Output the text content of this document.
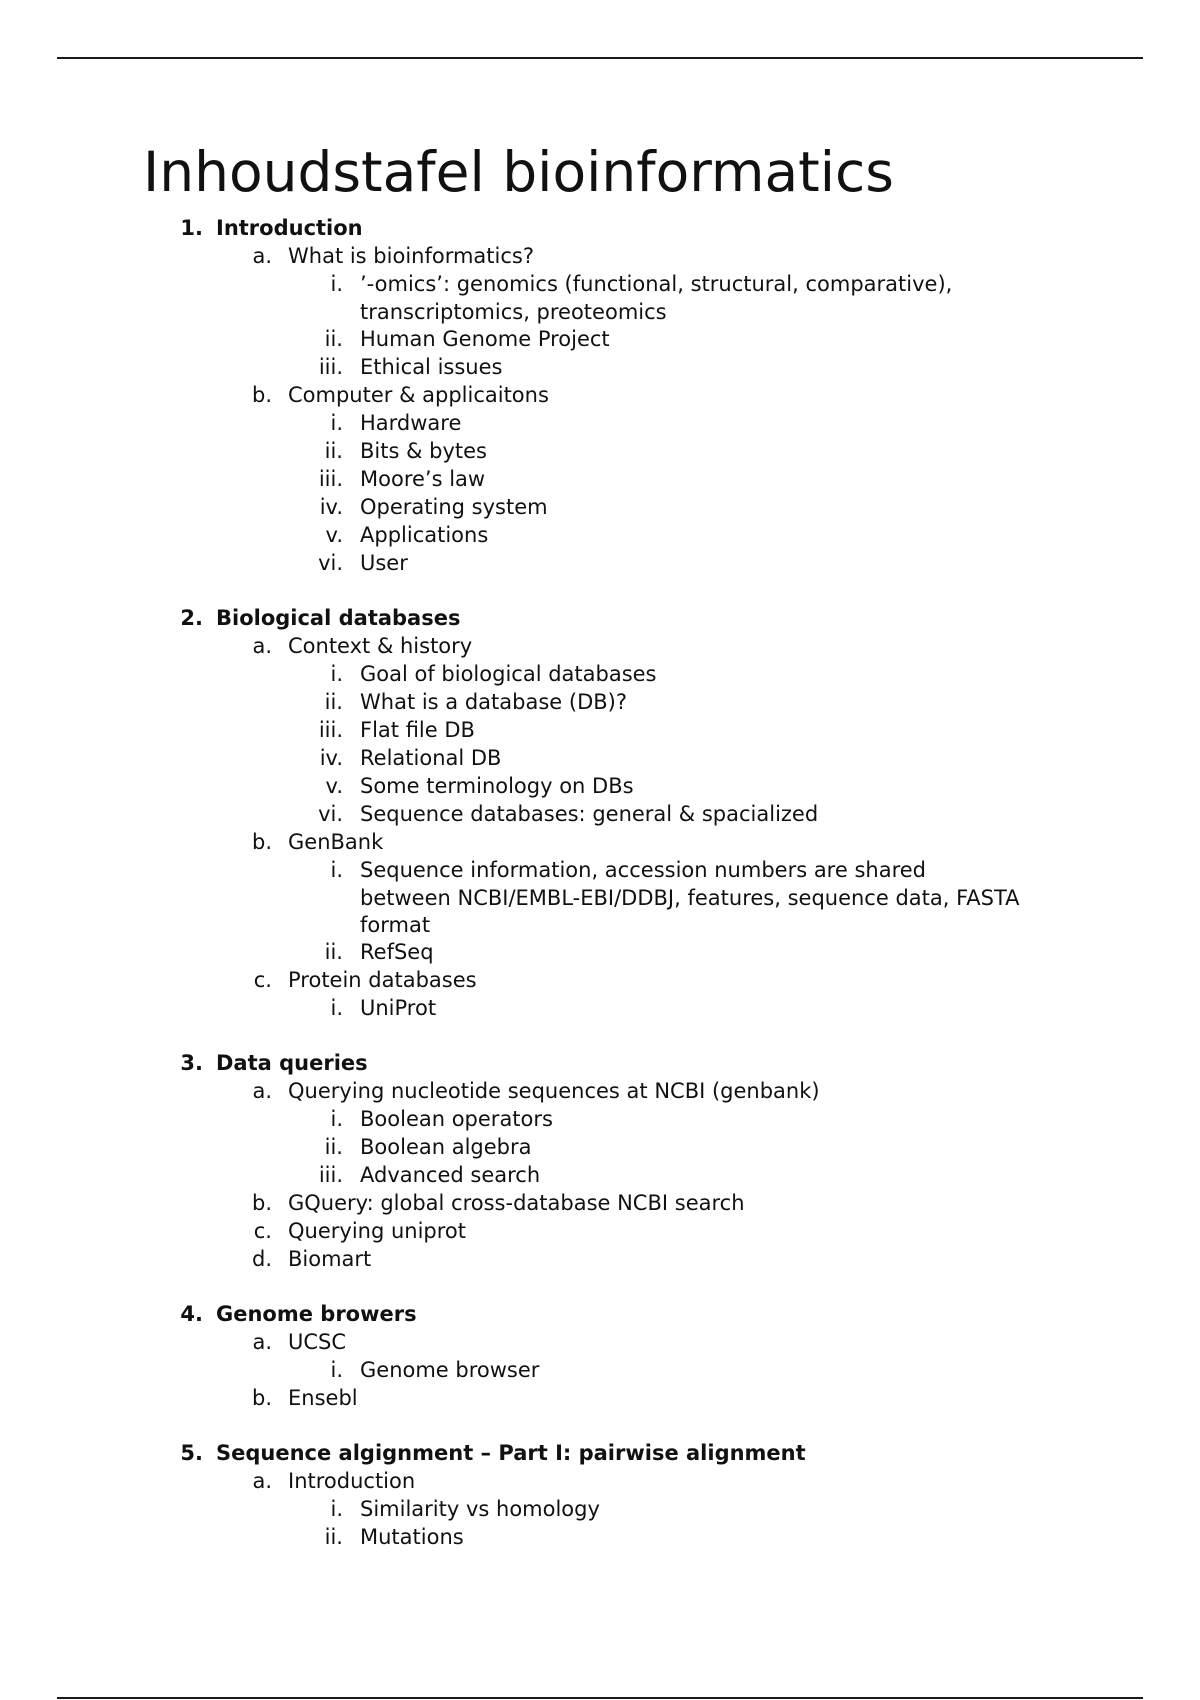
Inhoudstafel bioinformatics
1. Introduction
a. What is bioinformatics?
i. ’-omics’: genomics (functional, structural, comparative),
transcriptomics, preoteomics
ii. Human Genome Project
iii. Ethical issues
b. Computer & applicaitons
i. Hardware
ii. Bits & bytes
iii. Moore’s law
iv. Operating system
v. Applications
vi. User
2. Biological databases
a. Context & history
i. Goal of biological databases
ii. What is a database (DB)?
iii. Flat file DB
iv. Relational DB
v. Some terminology on DBs
vi. Sequence databases: general & spacialized
b. GenBank
i. Sequence information, accession numbers are shared
between NCBI/EMBL-EBI/DDBJ, features, sequence data, FASTA
format
ii. RefSeq
c. Protein databases
i. UniProt
3. Data queries
a. Querying nucleotide sequences at NCBI (genbank)
i. Boolean operators
ii. Boolean algebra
iii. Advanced search
b. GQuery: global cross-database NCBI search
c. Querying uniprot
d. Biomart
4. Genome browers
a. UCSC
i. Genome browser
b. Ensebl
5. Sequence algignment – Part I: pairwise alignment
a. Introduction
i. Similarity vs homology
ii. Mutations
